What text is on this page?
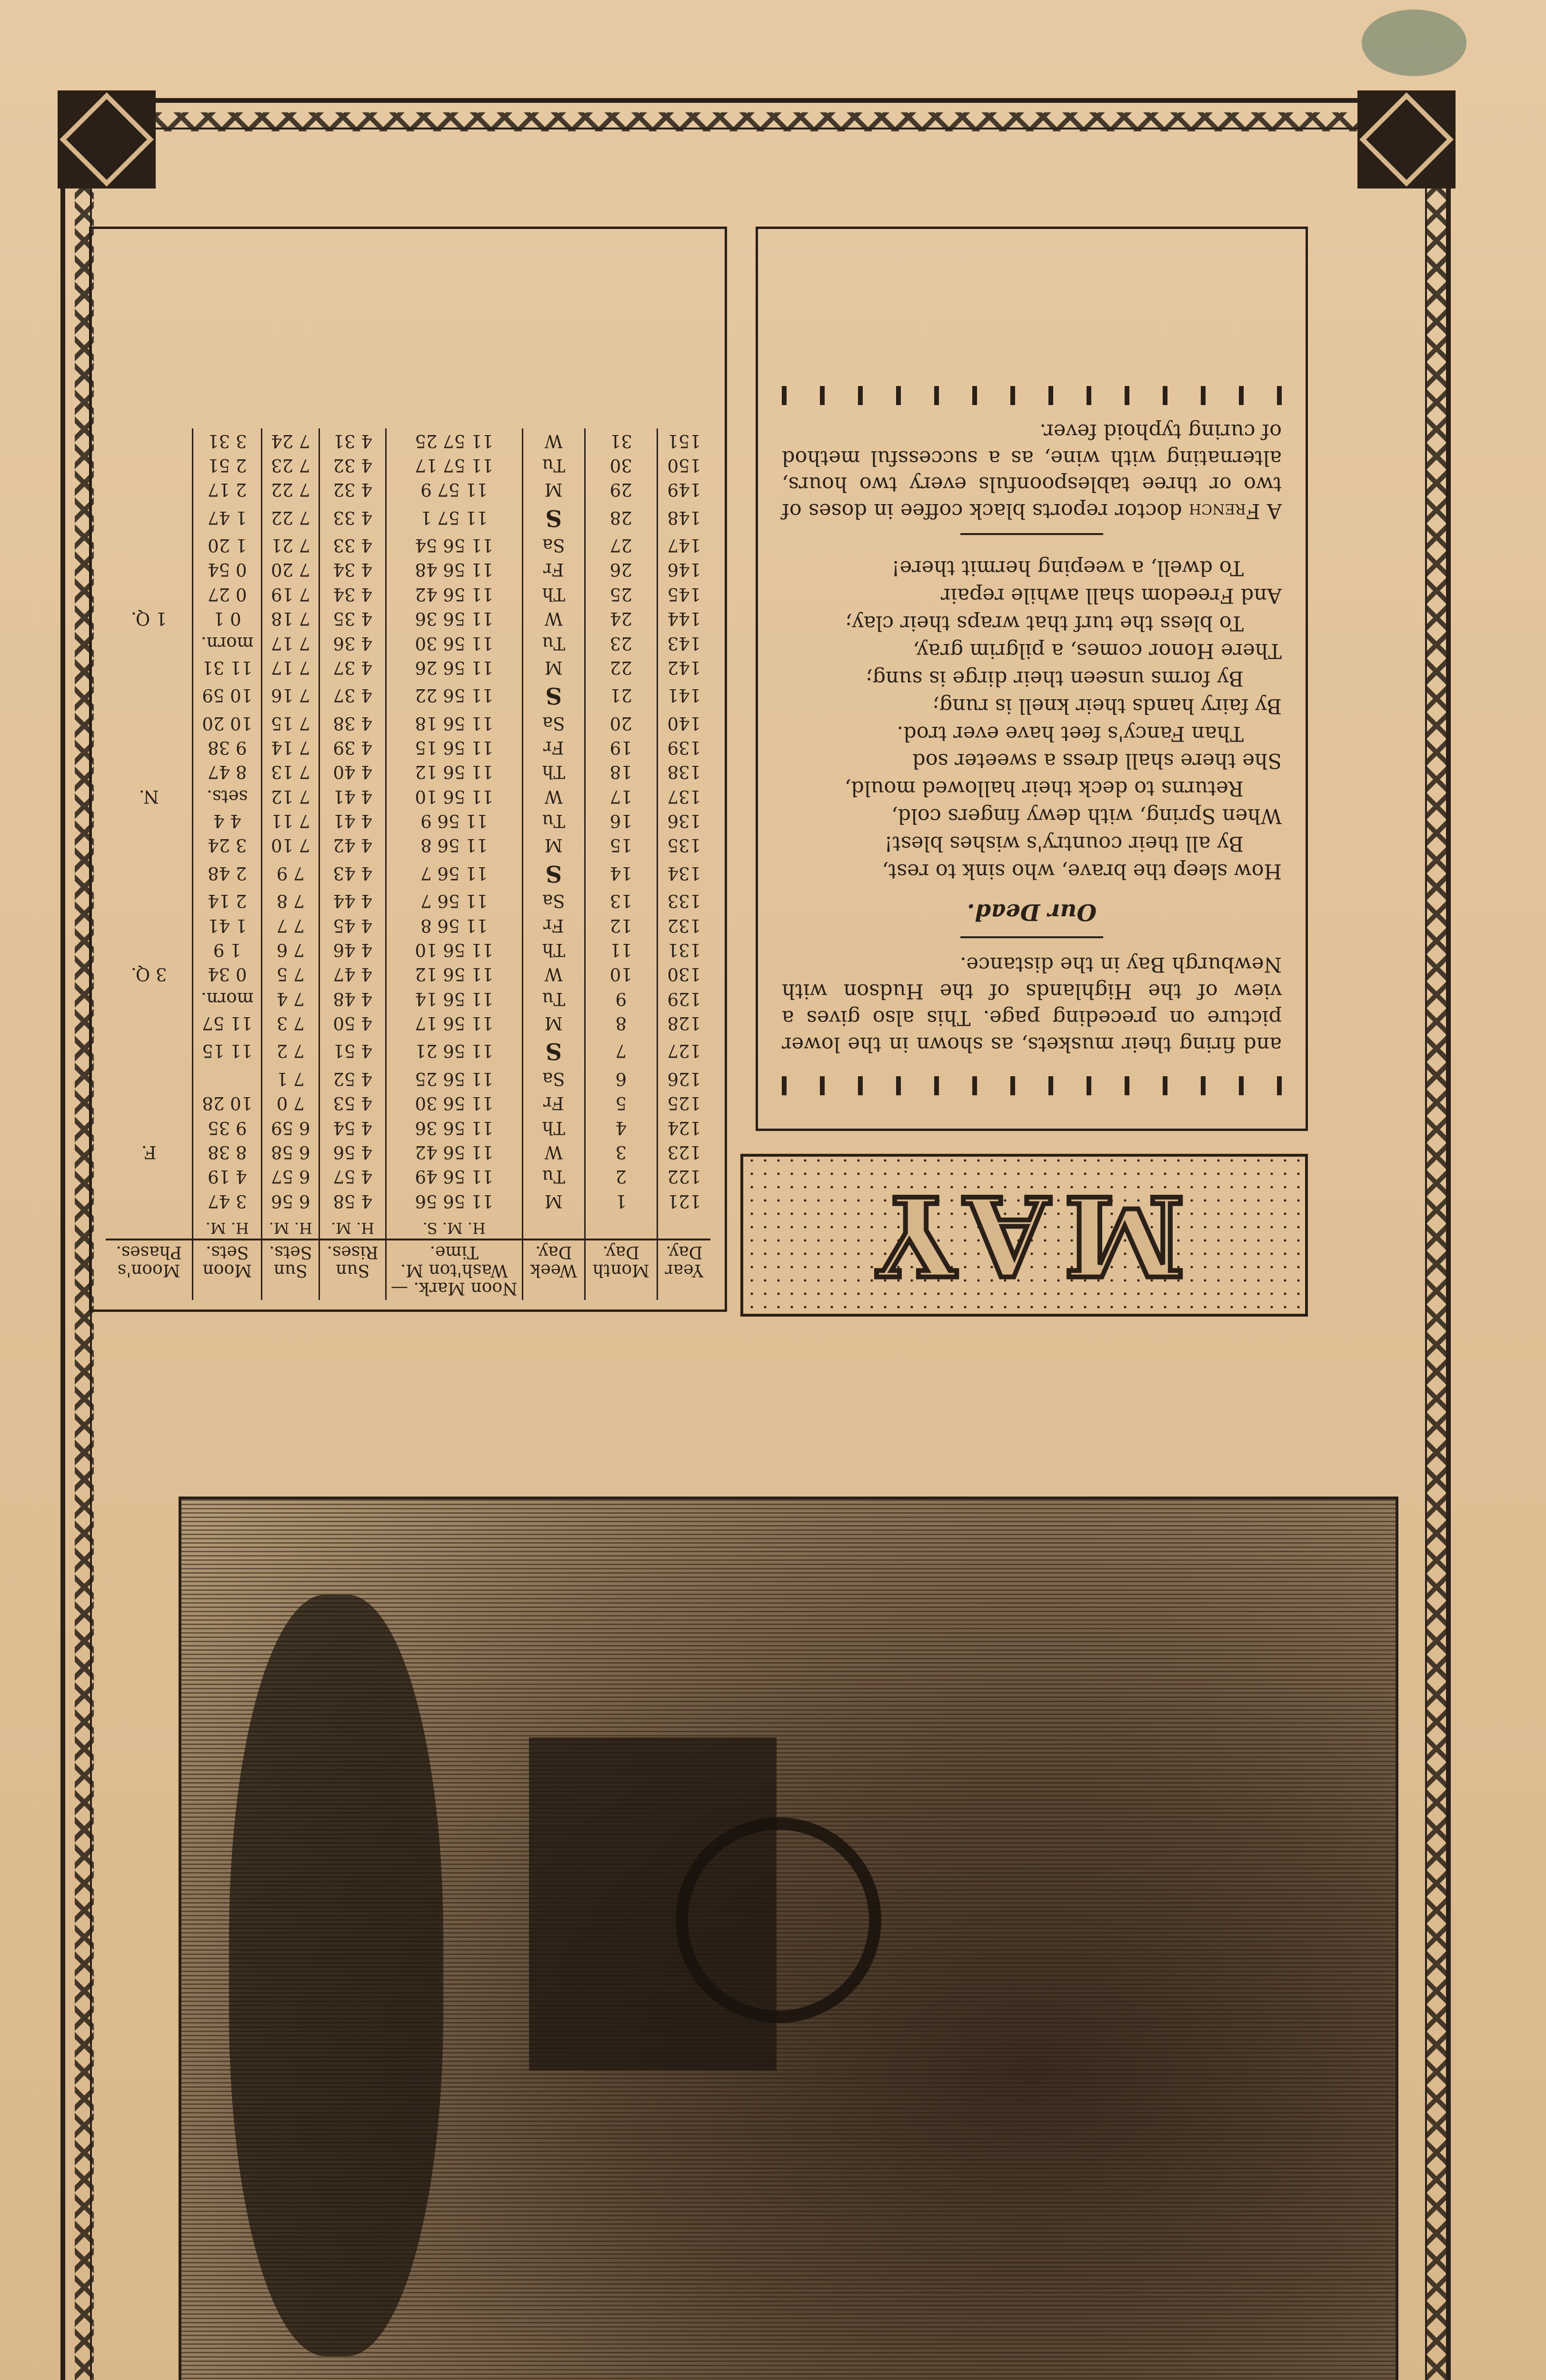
MAY

and firing their muskets, as shown in the lower picture on preceding page. This also gives a view of the Highlands of the Hudson with Newburgh Bay in the distance.

Our Dead.
How sleep the brave, who sink to rest,
By all their country's wishes blest!
When Spring, with dewy fingers cold,
Returns to deck their hallowed mould,
She there shall dress a sweeter sod
Than Fancy's feet have ever trod.
By fairy hands their knell is rung;
By forms unseen their dirge is sung;
There Honor comes, a pilgrim gray,
To bless the turf that wraps their clay;
And Freedom shall awhile repair
To dwell, a weeping hermit there!

A French doctor reports black coffee in doses of two or three tablespoonfuls every two hours, alternating with wine, as a successful method of curing typhoid fever.

Year Day.	Month Day.	Week Day.	Noon Mark. — Wash'ton M. Time.	Sun Rises.	Sun Sets.	Moon Sets.	Moon's Phases.
			H. M. S.	H. M.	H. M.	H. M.	
121	1	M	11 56 56	4 58	6 56	3 47	
122	2	Tu	11 56 49	4 57	6 57	4 19	
123	3	W	11 56 42	4 56	6 58	8 38	F.
124	4	Th	11 56 36	4 54	6 59	9 35	
125	5	Fr	11 56 30	4 53	7 0	10 28	
126	6	Sa	11 56 25	4 52	7 1		
127	7	S	11 56 21	4 51	7 2	11 15	
128	8	M	11 56 17	4 50	7 3	11 57	
129	9	Tu	11 56 14	4 48	7 4	morn.	
130	10	W	11 56 12	4 47	7 5	0 34	3 Q.
131	11	Th	11 56 10	4 46	7 6	1 9	
132	12	Fr	11 56 8	4 45	7 7	1 41	
133	13	Sa	11 56 7	4 44	7 8	2 14	
134	14	S	11 56 7	4 43	7 9	2 48	
135	15	M	11 56 8	4 42	7 10	3 24	
136	16	Tu	11 56 9	4 41	7 11	4 4	
137	17	W	11 56 10	4 41	7 12	sets.	N.
138	18	Th	11 56 12	4 40	7 13	8 47	
139	19	Fr	11 56 15	4 39	7 14	9 38	
140	20	Sa	11 56 18	4 38	7 15	10 20	
141	21	S	11 56 22	4 37	7 16	10 59	
142	22	M	11 56 26	4 37	7 17	11 31	
143	23	Tu	11 56 30	4 36	7 17	morn.	
144	24	W	11 56 36	4 35	7 18	0 1	1 Q.
145	25	Th	11 56 42	4 34	7 19	0 27	
146	26	Fr	11 56 48	4 34	7 20	0 54	
147	27	Sa	11 56 54	4 33	7 21	1 20	
148	28	S	11 57 1	4 33	7 22	1 47	
149	29	M	11 57 9	4 32	7 22	2 17	
150	30	Tu	11 57 17	4 32	7 23	2 51	
151	31	W	11 57 25	4 31	7 24	3 31	
